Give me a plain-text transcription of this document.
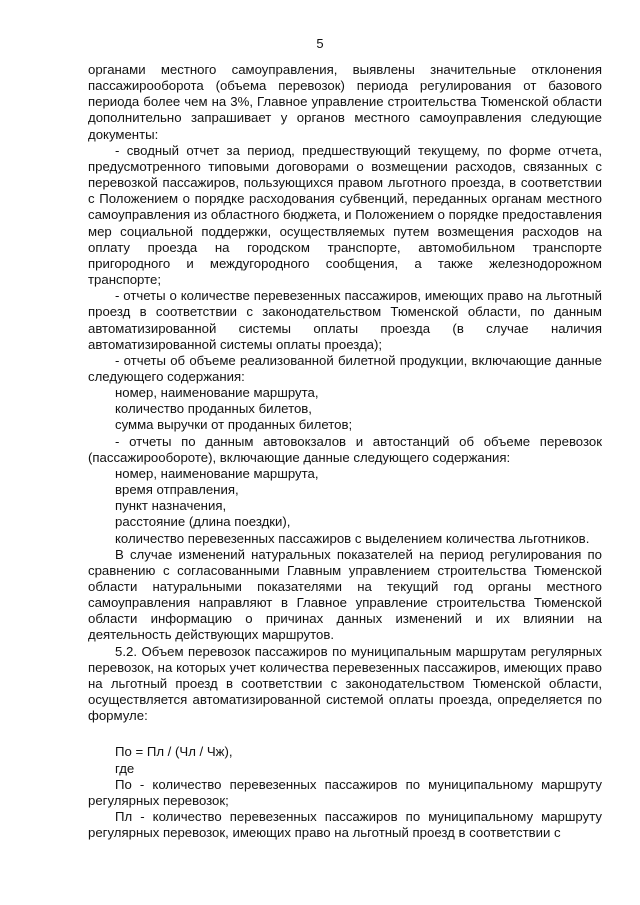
5

органами местного самоуправления, выявлены значительные отклонения пассажирооборота (объема перевозок) периода регулирования от базового периода более чем на 3%, Главное управление строительства Тюменской области дополнительно запрашивает у органов местного самоуправления следующие документы:

- сводный отчет за период, предшествующий текущему, по форме отчета, предусмотренного типовыми договорами о возмещении расходов, связанных с перевозкой пассажиров, пользующихся правом льготного проезда, в соответствии с Положением о порядке расходования субвенций, переданных органам местного самоуправления из областного бюджета, и Положением о порядке предоставления мер социальной поддержки, осуществляемых путем возмещения расходов на оплату проезда на городском транспорте, автомобильном транспорте пригородного и междугородного сообщения, а также железнодорожном транспорте;

- отчеты о количестве перевезенных пассажиров, имеющих право на льготный проезд в соответствии с законодательством Тюменской области, по данным автоматизированной системы оплаты проезда (в случае наличия автоматизированной системы оплаты проезда);

- отчеты об объеме реализованной билетной продукции, включающие данные следующего содержания:

номер, наименование маршрута,

количество проданных билетов,

сумма выручки от проданных билетов;

- отчеты по данным автовокзалов и автостанций об объеме перевозок (пассажирообороте), включающие данные следующего содержания:

номер, наименование маршрута,

время отправления,

пункт назначения,

расстояние (длина поездки),

количество перевезенных пассажиров с выделением количества льготников.

В случае изменений натуральных показателей на период регулирования по сравнению с согласованными Главным управлением строительства Тюменской области натуральными показателями на текущий год органы местного самоуправления направляют в Главное управление строительства Тюменской области информацию о причинах данных изменений и их влиянии на деятельность действующих маршрутов.

5.2. Объем перевозок пассажиров по муниципальным маршрутам регулярных перевозок, на которых учет количества перевезенных пассажиров, имеющих право на льготный проезд в соответствии с законодательством Тюменской области, осуществляется автоматизированной системой оплаты проезда, определяется по формуле:

По = Пл / (Чл / Чж),

где

По - количество перевезенных пассажиров по муниципальному маршруту регулярных перевозок;

Пл - количество перевезенных пассажиров по муниципальному маршруту регулярных перевозок, имеющих право на льготный проезд в соответствии с
